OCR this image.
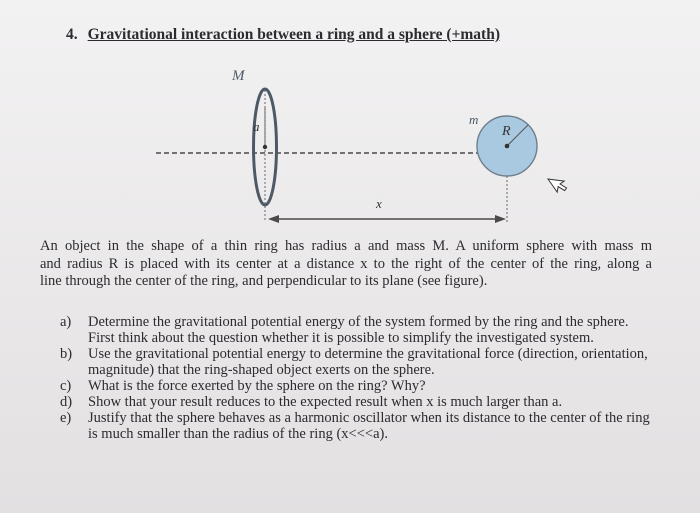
4. Gravitational interaction between a ring and a sphere (+math)
M
a	m
R
x

An object in the shape of a thin ring has radius a and mass M. A uniform sphere with mass m
and radius R is placed with its center at a distance x to the right of the center of the ring, along a
line through the center of the ring, and perpendicular to its plane (see figure).

a) Determine the gravitational potential energy of the system formed by the ring and the sphere. First think about the question whether it is possible to simplify the investigated system.
b) Use the gravitational potential energy to determine the gravitational force (direction, orientation, magnitude) that the ring-shaped object exerts on the sphere.
c) What is the force exerted by the sphere on the ring? Why?
d) Show that your result reduces to the expected result when x is much larger than a.
e) Justify that the sphere behaves as a harmonic oscillator when its distance to the center of the ring is much smaller than the radius of the ring (x<<<a).
